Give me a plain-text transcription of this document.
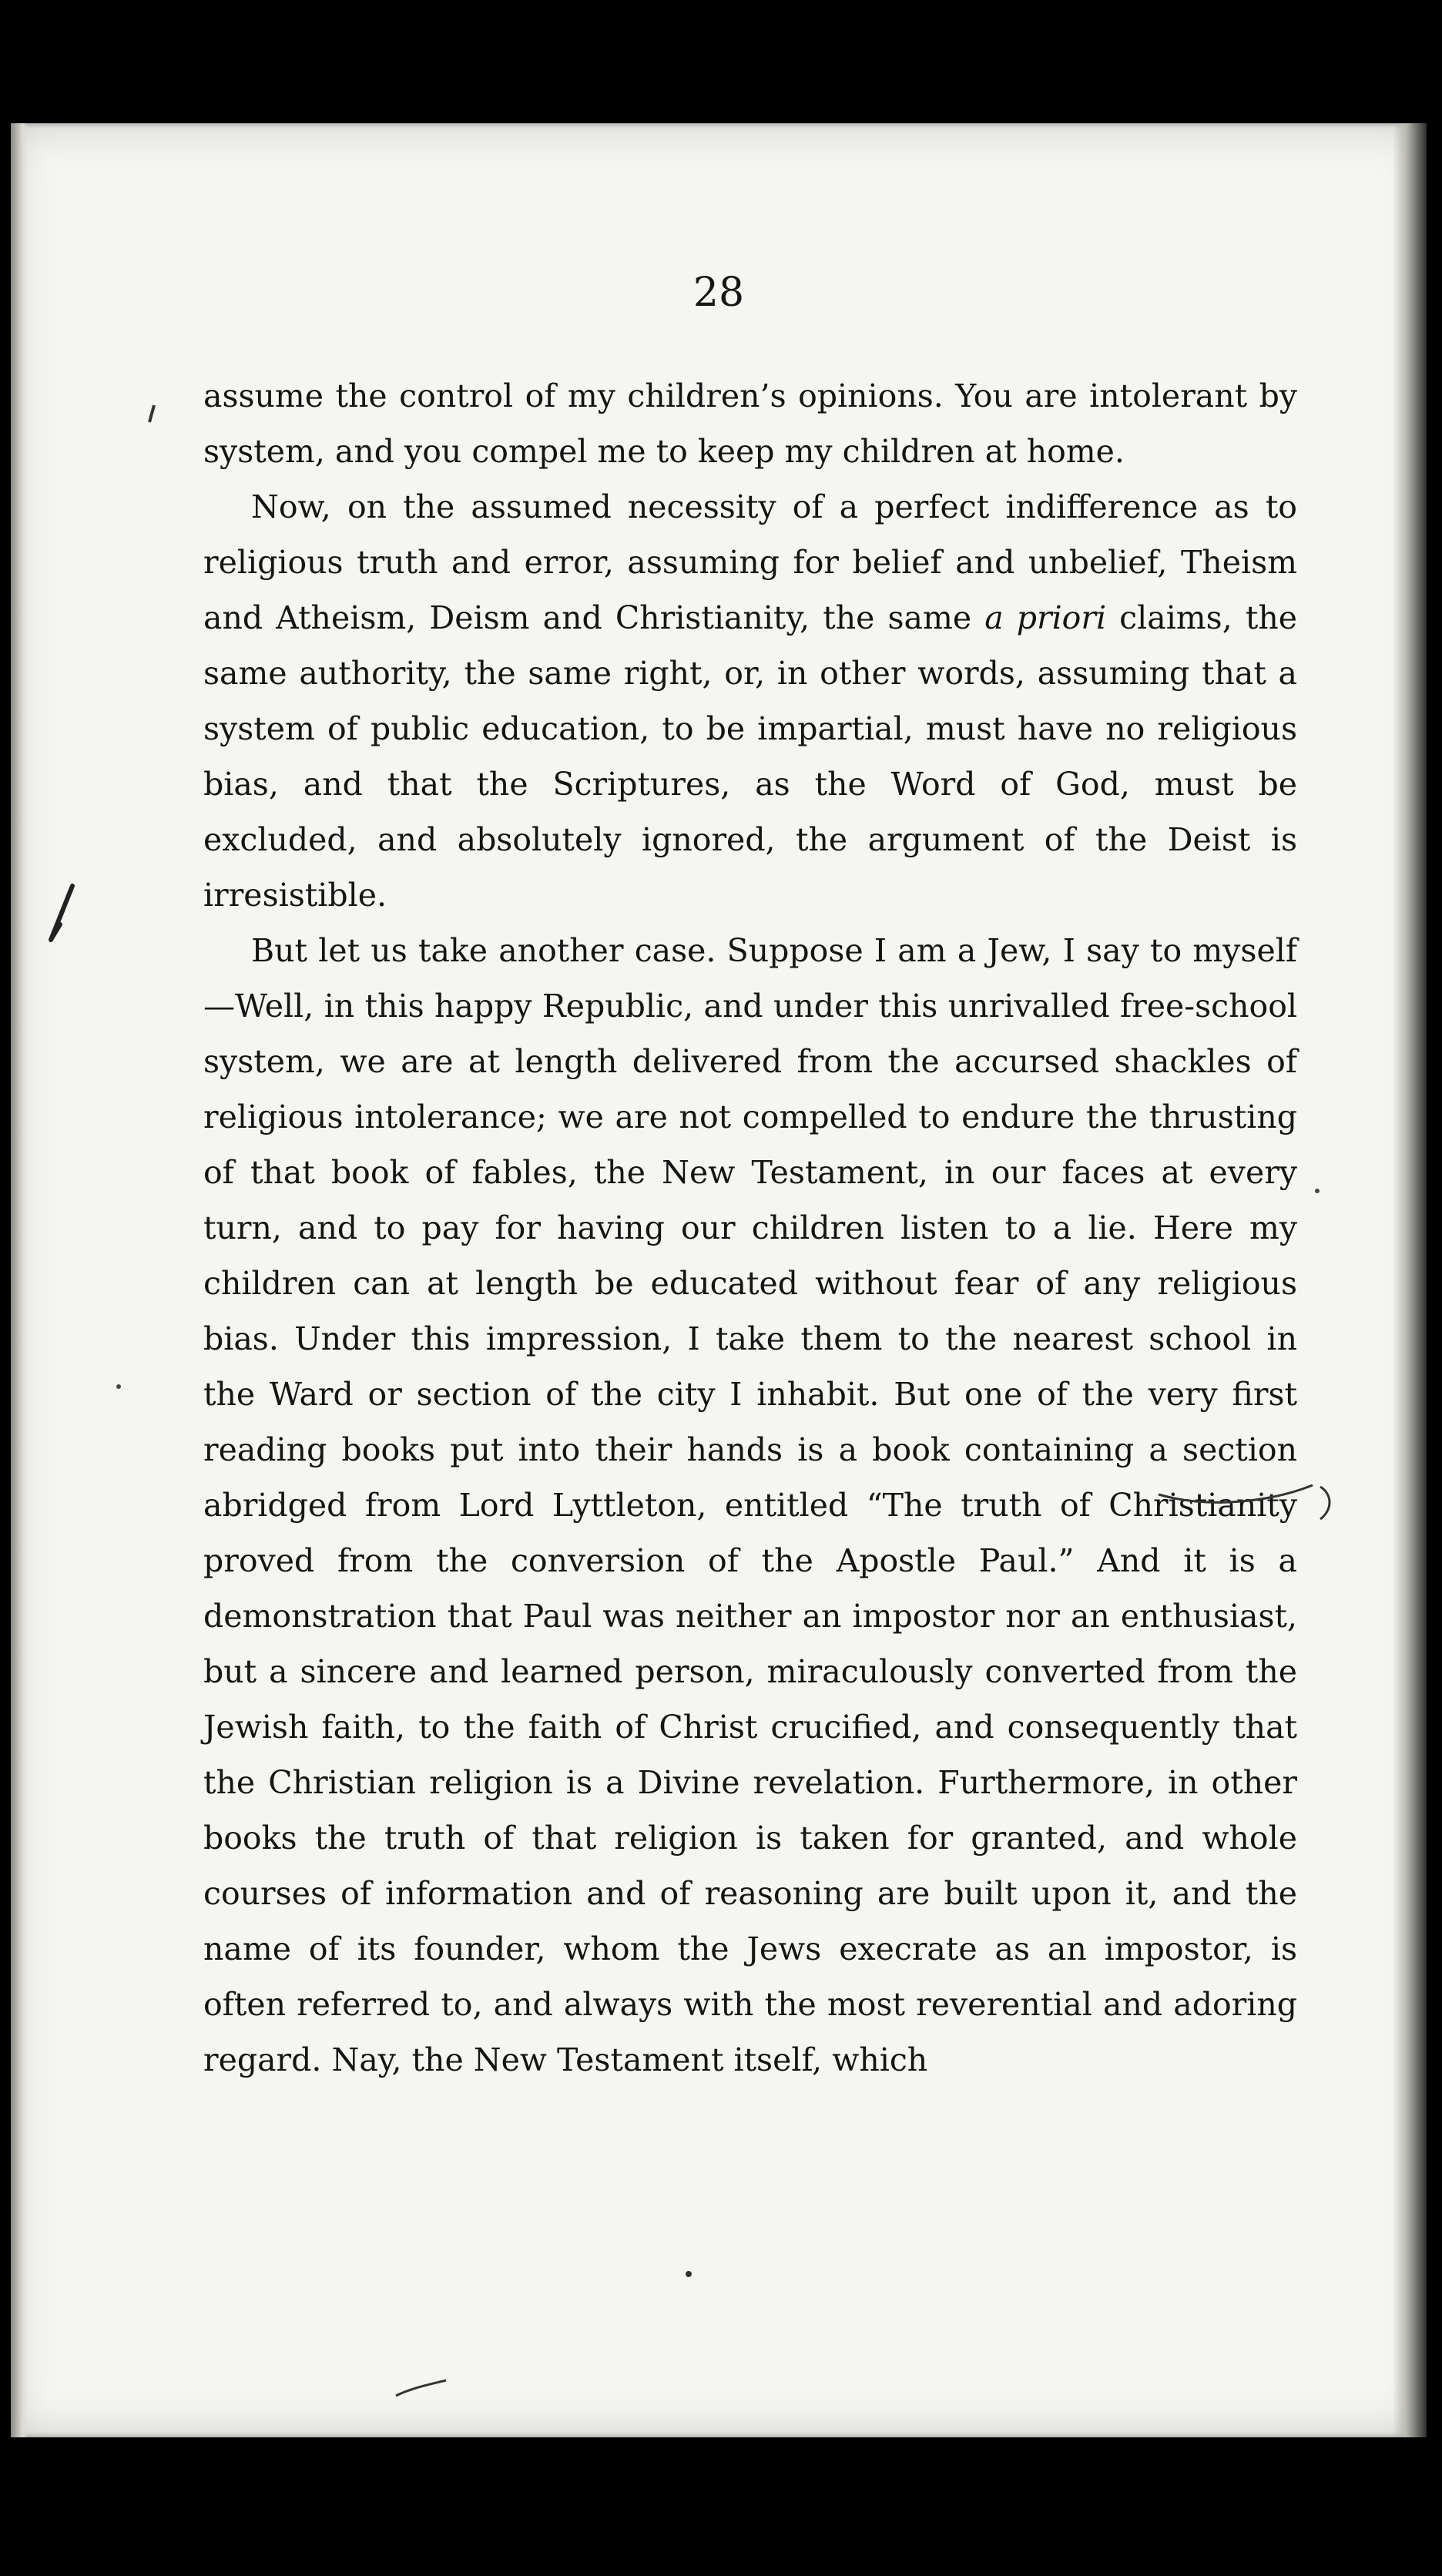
28

assume the control of my children’s opinions. You are intolerant by system, and you compel me to keep my children at home.

Now, on the assumed necessity of a perfect indifference as to religious truth and error, assuming for belief and unbelief, Theism and Atheism, Deism and Christianity, the same a priori claims, the same authority, the same right, or, in other words, assuming that a system of public education, to be impartial, must have no religious bias, and that the Scriptures, as the Word of God, must be excluded, and absolutely ignored, the argument of the Deist is irresistible.

But let us take another case. Suppose I am a Jew, I say to myself—Well, in this happy Republic, and under this unrivalled free-school system, we are at length delivered from the accursed shackles of religious intolerance; we are not compelled to endure the thrusting of that book of fables, the New Testament, in our faces at every turn, and to pay for having our children listen to a lie. Here my children can at length be educated without fear of any religious bias. Under this impression, I take them to the nearest school in the Ward or section of the city I inhabit. But one of the very first reading books put into their hands is a book containing a section abridged from Lord Lyttleton, entitled “The truth of Christianity proved from the conversion of the Apostle Paul.” And it is a demonstration that Paul was neither an impostor nor an enthusiast, but a sincere and learned person, miraculously converted from the Jewish faith, to the faith of Christ crucified, and consequently that the Christian religion is a Divine revelation. Furthermore, in other books the truth of that religion is taken for granted, and whole courses of information and of reasoning are built upon it, and the name of its founder, whom the Jews execrate as an impostor, is often referred to, and always with the most reverential and adoring regard. Nay, the New Testament itself, which
